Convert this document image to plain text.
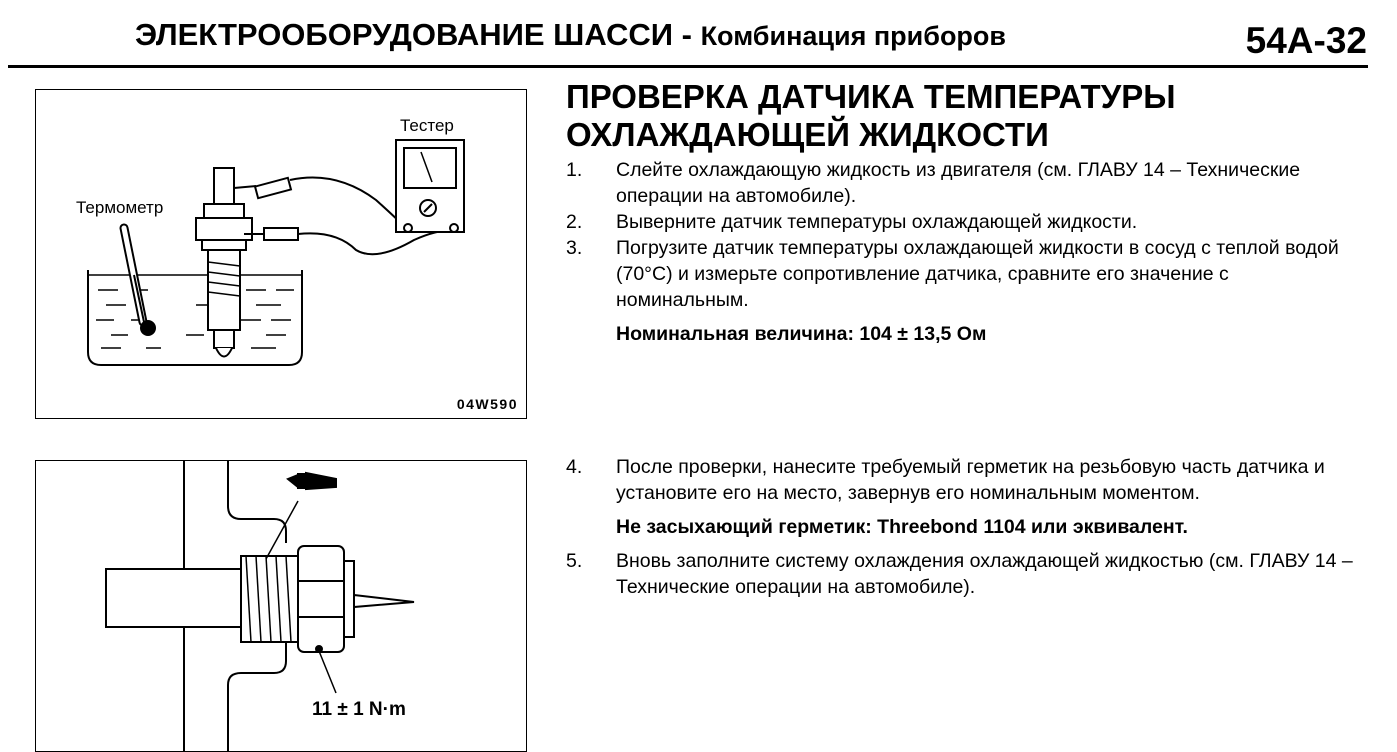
ЭЛЕКТРООБОРУДОВАНИЕ ШАССИ - Комбинация приборов	54А-32
Тестер
Термометр
04W590
11 ± 1 N·m
ПРОВЕРКА ДАТЧИКА ТЕМПЕРАТУРЫ
ОХЛАЖДАЮЩЕЙ ЖИДКОСТИ
1. Слейте охлаждающую жидкость из двигателя (см. ГЛАВУ 14 – Технические операции на автомобиле).
2. Выверните датчик температуры охлаждающей жидкости.
3. Погрузите датчик температуры охлаждающей жидкости в сосуд с теплой водой (70°С) и измерьте сопротивление датчика, сравните его значение с номинальным.
Номинальная величина: 104 ± 13,5 Ом
4. После проверки, нанесите требуемый герметик на резьбовую часть датчика и установите его на место, завернув его номинальным моментом.
Не засыхающий герметик: Threebond 1104 или эквивалент.
5. Вновь заполните систему охлаждения охлаждающей жидкостью (см. ГЛАВУ 14 – Технические операции на автомобиле).
